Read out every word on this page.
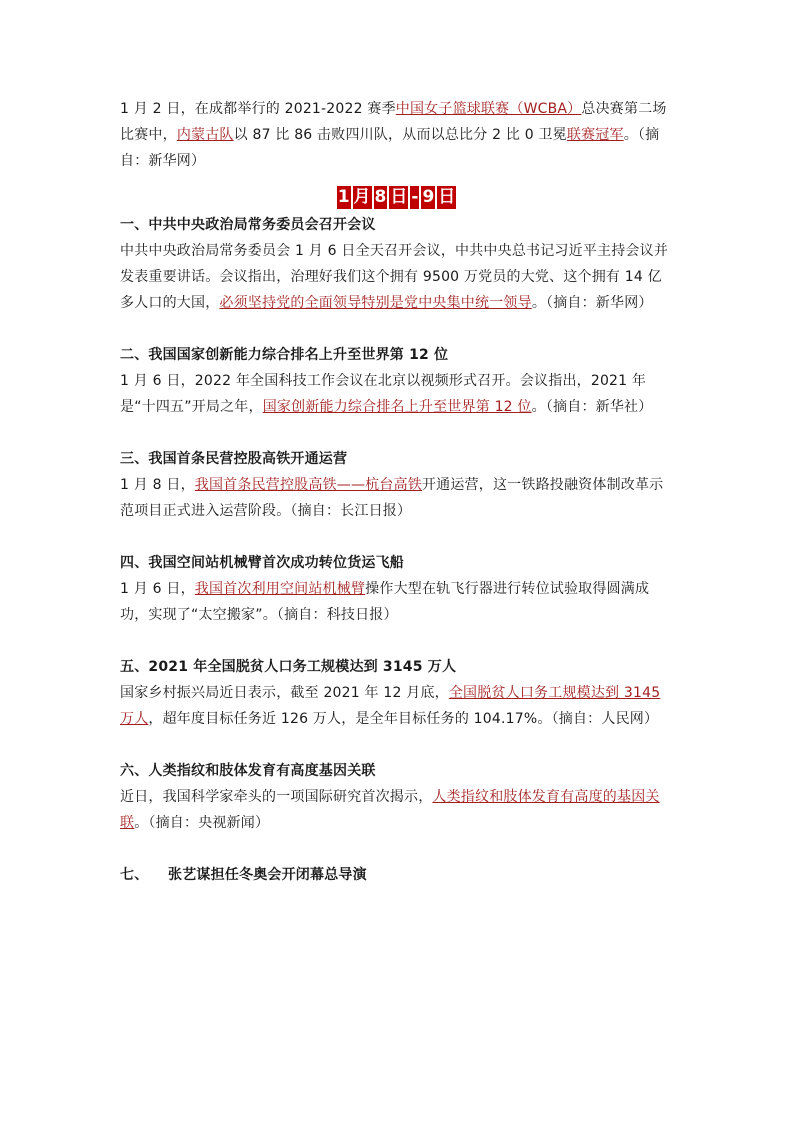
1 月 2 日，在成都举行的 2021-2022 赛季中国女子篮球联赛（WCBA）总决赛第二场比赛中，内蒙古队以 87 比 86 击败四川队，从而以总比分 2 比 0 卫冕联赛冠军。（摘自：新华网）

1 月 8 日 - 9 日

一、中共中央政治局常务委员会召开会议

中共中央政治局常务委员会 1 月 6 日全天召开会议，中共中央总书记习近平主持会议并发表重要讲话。会议指出，治理好我们这个拥有 9500 万党员的大党、这个拥有 14 亿多人口的大国，必须坚持党的全面领导特别是党中央集中统一领导。（摘自：新华网）

二、我国国家创新能力综合排名上升至世界第 12 位

1 月 6 日，2022 年全国科技工作会议在北京以视频形式召开。会议指出，2021 年是“十四五”开局之年，国家创新能力综合排名上升至世界第 12 位。（摘自：新华社）

三、我国首条民营控股高铁开通运营

1 月 8 日，我国首条民营控股高铁——杭台高铁开通运营，这一铁路投融资体制改革示范项目正式进入运营阶段。（摘自：长江日报）

四、我国空间站机械臂首次成功转位货运飞船

1 月 6 日，我国首次利用空间站机械臂操作大型在轨飞行器进行转位试验取得圆满成功，实现了“太空搬家”。（摘自：科技日报）

五、2021 年全国脱贫人口务工规模达到 3145 万人

国家乡村振兴局近日表示，截至 2021 年 12 月底，全国脱贫人口务工规模达到 3145 万人，超年度目标任务近 126 万人，是全年目标任务的 104.17%。（摘自：人民网）

六、人类指纹和肢体发育有高度基因关联

近日，我国科学家牵头的一项国际研究首次揭示，人类指纹和肢体发育有高度的基因关联。（摘自：央视新闻）

七、 张艺谋担任冬奥会开闭幕总导演
